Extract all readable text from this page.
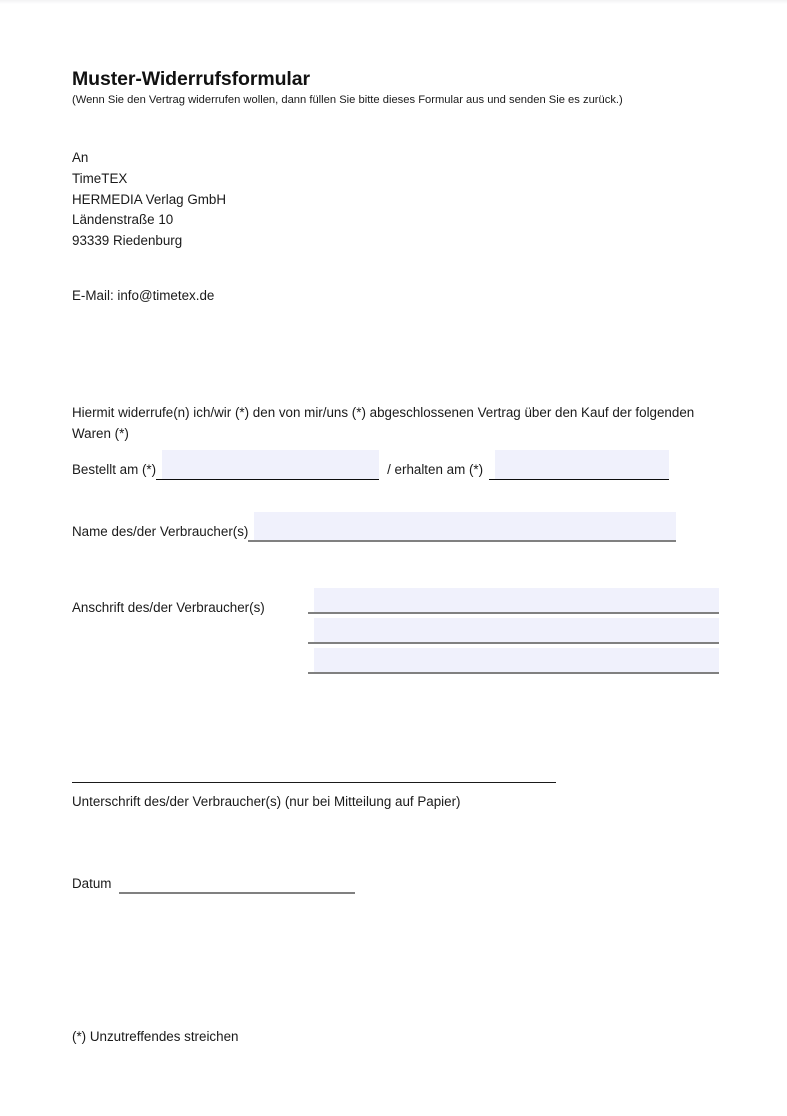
Muster-Widerrufsformular

(Wenn Sie den Vertrag widerrufen wollen, dann füllen Sie bitte dieses Formular aus und senden Sie es zurück.)

An
TimeTEX
HERMEDIA Verlag GmbH
Ländenstraße 10
93339 Riedenburg
E-Mail: info@timetex.de

Hiermit widerrufe(n) ich/wir (*) den von mir/uns (*) abgeschlossenen Vertrag über den Kauf der folgenden Waren (*)

Bestellt am (*)	/ erhalten am (*)
Name des/der Verbraucher(s)
Anschrift des/der Verbraucher(s)
Unterschrift des/der Verbraucher(s) (nur bei Mitteilung auf Papier)
Datum
(*) Unzutreffendes streichen
